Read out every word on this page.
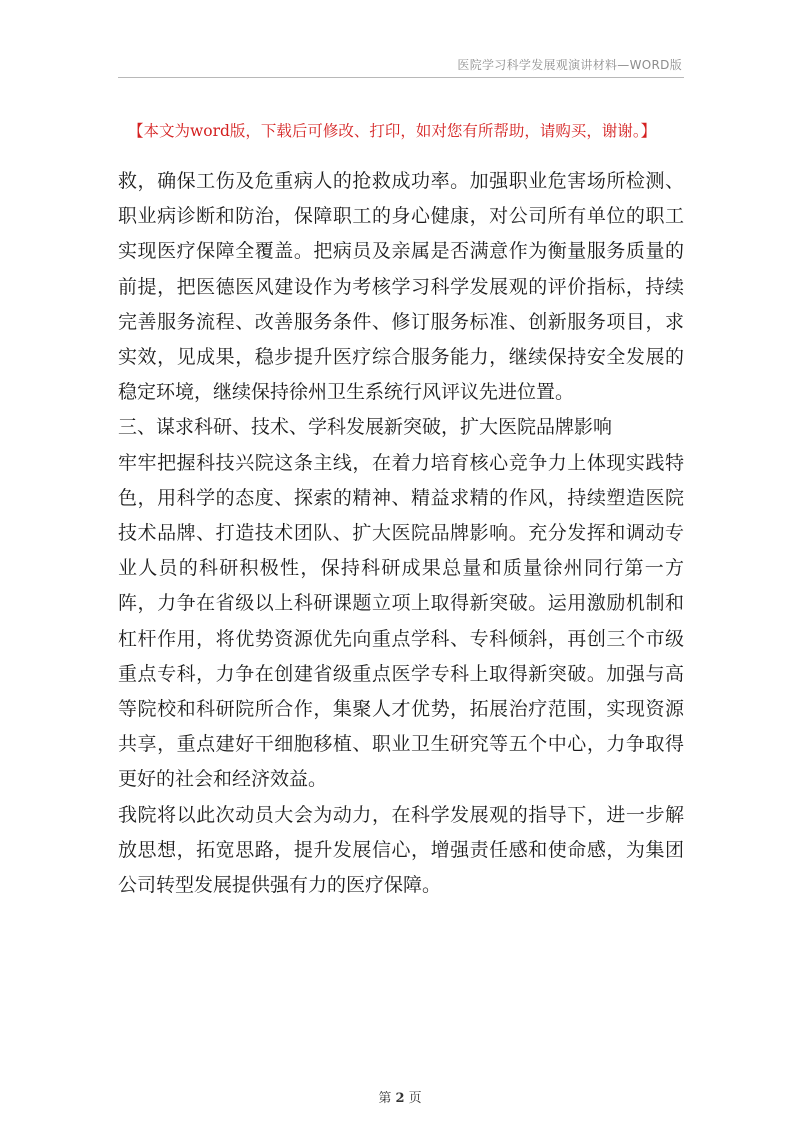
医院学习科学发展观演讲材料—WORD版
【本文为word版，下载后可修改、打印，如对您有所帮助，请购买，谢谢。】

救，确保工伤及危重病人的抢救成功率。加强职业危害场所检测、职业病诊断和防治，保障职工的身心健康，对公司所有单位的职工实现医疗保障全覆盖。把病员及亲属是否满意作为衡量服务质量的前提，把医德医风建设作为考核学习科学发展观的评价指标，持续完善服务流程、改善服务条件、修订服务标准、创新服务项目，求实效，见成果，稳步提升医疗综合服务能力，继续保持安全发展的稳定环境，继续保持徐州卫生系统行风评议先进位置。

三、谋求科研、技术、学科发展新突破，扩大医院品牌影响

牢牢把握科技兴院这条主线，在着力培育核心竞争力上体现实践特色，用科学的态度、探索的精神、精益求精的作风，持续塑造医院技术品牌、打造技术团队、扩大医院品牌影响。充分发挥和调动专业人员的科研积极性，保持科研成果总量和质量徐州同行第一方阵，力争在省级以上科研课题立项上取得新突破。运用激励机制和杠杆作用，将优势资源优先向重点学科、专科倾斜，再创三个市级重点专科，力争在创建省级重点医学专科上取得新突破。加强与高等院校和科研院所合作，集聚人才优势，拓展治疗范围，实现资源共享，重点建好干细胞移植、职业卫生研究等五个中心，力争取得更好的社会和经济效益。

我院将以此次动员大会为动力，在科学发展观的指导下，进一步解放思想，拓宽思路，提升发展信心，增强责任感和使命感，为集团公司转型发展提供强有力的医疗保障。

第 2 页
